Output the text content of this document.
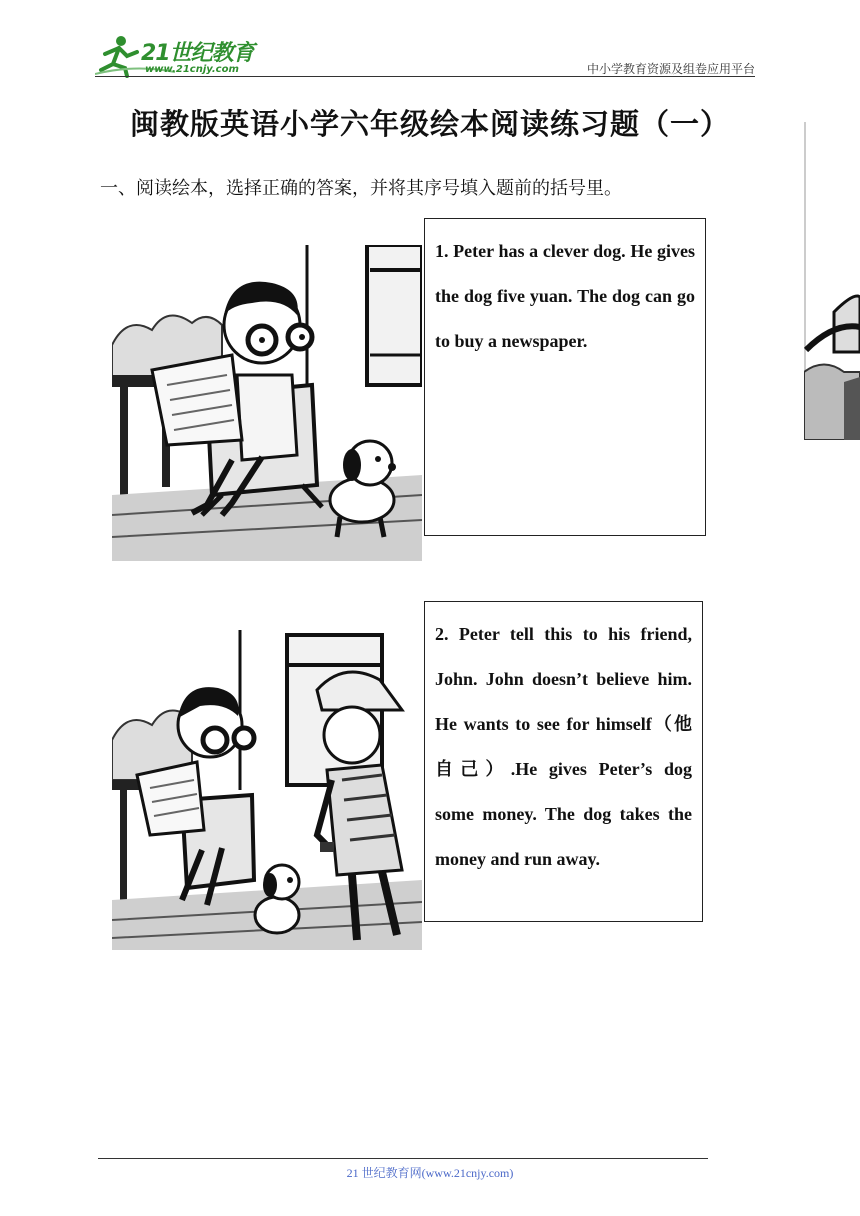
21世纪教育
www.21cnjy.com	中小学教育资源及组卷应用平台
闽教版英语小学六年级绘本阅读练习题（一）
一、阅读绘本，选择正确的答案，并将其序号填入题前的括号里。
1. Peter has a clever dog. He gives the dog five yuan. The dog can go to buy a newspaper.
2. Peter tell this to his friend, John. John doesn’t believe him. He wants to see for himself（他自己）.He gives Peter’s dog some money. The dog takes the money and run away.
21 世纪教育网(www.21cnjy.com)
